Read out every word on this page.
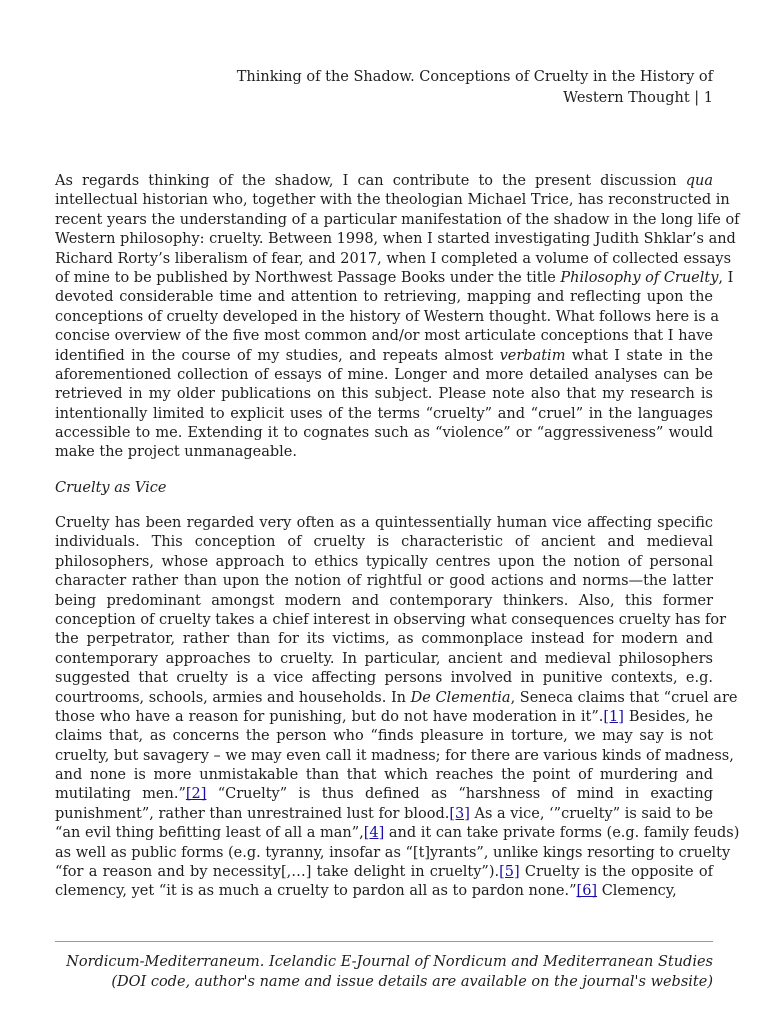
Thinking of the Shadow. Conceptions of Cruelty in the History of
Western Thought | 1
As regards thinking of the shadow, I can contribute to the present discussion qua
intellectual historian who, together with the theologian Michael Trice, has reconstructed in
recent years the understanding of a particular manifestation of the shadow in the long life of
Western philosophy: cruelty. Between 1998, when I started investigating Judith Shklar’s and
Richard Rorty’s liberalism of fear, and 2017, when I completed a volume of collected essays
of mine to be published by Northwest Passage Books under the title Philosophy of Cruelty, I
devoted considerable time and attention to retrieving, mapping and reflecting upon the
conceptions of cruelty developed in the history of Western thought. What follows here is a
concise overview of the five most common and/or most articulate conceptions that I have
identified in the course of my studies, and repeats almost verbatim what I state in the
aforementioned collection of essays of mine. Longer and more detailed analyses can be
retrieved in my older publications on this subject. Please note also that my research is
intentionally limited to explicit uses of the terms “cruelty” and “cruel” in the languages
accessible to me. Extending it to cognates such as “violence” or “aggressiveness” would
make the project unmanageable.
Cruelty as Vice
Cruelty has been regarded very often as a quintessentially human vice affecting specific
individuals. This conception of cruelty is characteristic of ancient and medieval
philosophers, whose approach to ethics typically centres upon the notion of personal
character rather than upon the notion of rightful or good actions and norms—the latter
being predominant amongst modern and contemporary thinkers. Also, this former
conception of cruelty takes a chief interest in observing what consequences cruelty has for
the perpetrator, rather than for its victims, as commonplace instead for modern and
contemporary approaches to cruelty. In particular, ancient and medieval philosophers
suggested that cruelty is a vice affecting persons involved in punitive contexts, e.g.
courtrooms, schools, armies and households. In De Clementia, Seneca claims that “cruel are
those who have a reason for punishing, but do not have moderation in it”.[1] Besides, he
claims that, as concerns the person who “finds pleasure in torture, we may say is not
cruelty, but savagery – we may even call it madness; for there are various kinds of madness,
and none is more unmistakable than that which reaches the point of murdering and
mutilating men.”[2] “Cruelty” is thus defined as “harshness of mind in exacting
punishment”, rather than unrestrained lust for blood.[3] As a vice, ‘”cruelty” is said to be
“an evil thing befitting least of all a man”,[4] and it can take private forms (e.g. family feuds)
as well as public forms (e.g. tyranny, insofar as “[t]yrants”, unlike kings resorting to cruelty
“for a reason and by necessity[,…] take delight in cruelty”).[5] Cruelty is the opposite of
clemency, yet “it is as much a cruelty to pardon all as to pardon none.”[6] Clemency,
Nordicum-Mediterraneum. Icelandic E-Journal of Nordicum and Mediterranean Studies
(DOI code, author's name and issue details are available on the journal's website)
